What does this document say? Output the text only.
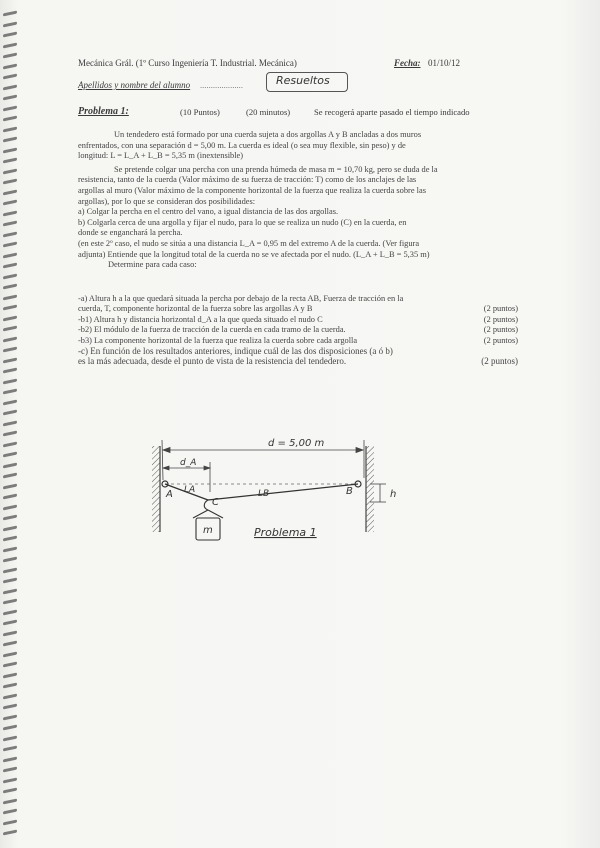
Mecánica Grál. (1º Curso Ingeniería T. Industrial. Mecánica)	Fecha: 01/10/12
Apellidos y nombre del alumno ....................	Resueltos
Problema 1:	(10 Puntos)	(20 minutos)	Se recogerá aparte pasado el tiempo indicado
Un tendedero está formado por una cuerda sujeta a dos argollas A y B ancladas a dos muros
enfrentados, con una separación d = 5,00 m. La cuerda es ideal (o sea muy flexible, sin peso) y de
longitud: L = L_A + L_B = 5,35 m (inextensible)
Se pretende colgar una percha con una prenda húmeda de masa m = 10,70 kg, pero se duda de la
resistencia, tanto de la cuerda (Valor máximo de su fuerza de tracción: T) como de los anclajes de las
argollas al muro (Valor máximo de la componente horizontal de la fuerza que realiza la cuerda sobre las
argollas), por lo que se consideran dos posibilidades:
a) Colgar la percha en el centro del vano, a igual distancia de las dos argollas.
b) Colgarla cerca de una argolla y fijar el nudo, para lo que se realiza un nudo (C) en la cuerda, en
donde se enganchará la percha.
(en este 2º caso, el nudo se sitúa a una distancia L_A = 0,95 m del extremo A de la cuerda. (Ver figura
adjunta) Entiende que la longitud total de la cuerda no se ve afectada por el nudo. (L_A + L_B = 5,35 m)
Determine para cada caso:
-a) Altura h a la que quedará situada la percha por debajo de la recta AB, Fuerza de tracción en la
cuerda, T, componente horizontal de la fuerza sobre las argollas A y B	(2 puntos)
-b1) Altura h y distancia horizontal d_A a la que queda situado el nudo C	(2 puntos)
-b2) El módulo de la fuerza de tracción de la cuerda en cada tramo de la cuerda.	(2 puntos)
-b3) La componente horizontal de la fuerza que realiza la cuerda sobre cada argolla	(2 puntos)
-c) En función de los resultados anteriores, indique cuál de las dos disposiciones (a ó b)
es la más adecuada, desde el punto de vista de la resistencia del tendedero.	(2 puntos)
d = 5,00 m
d_A
A	B
C
LA	LB	h
m	Problema 1
